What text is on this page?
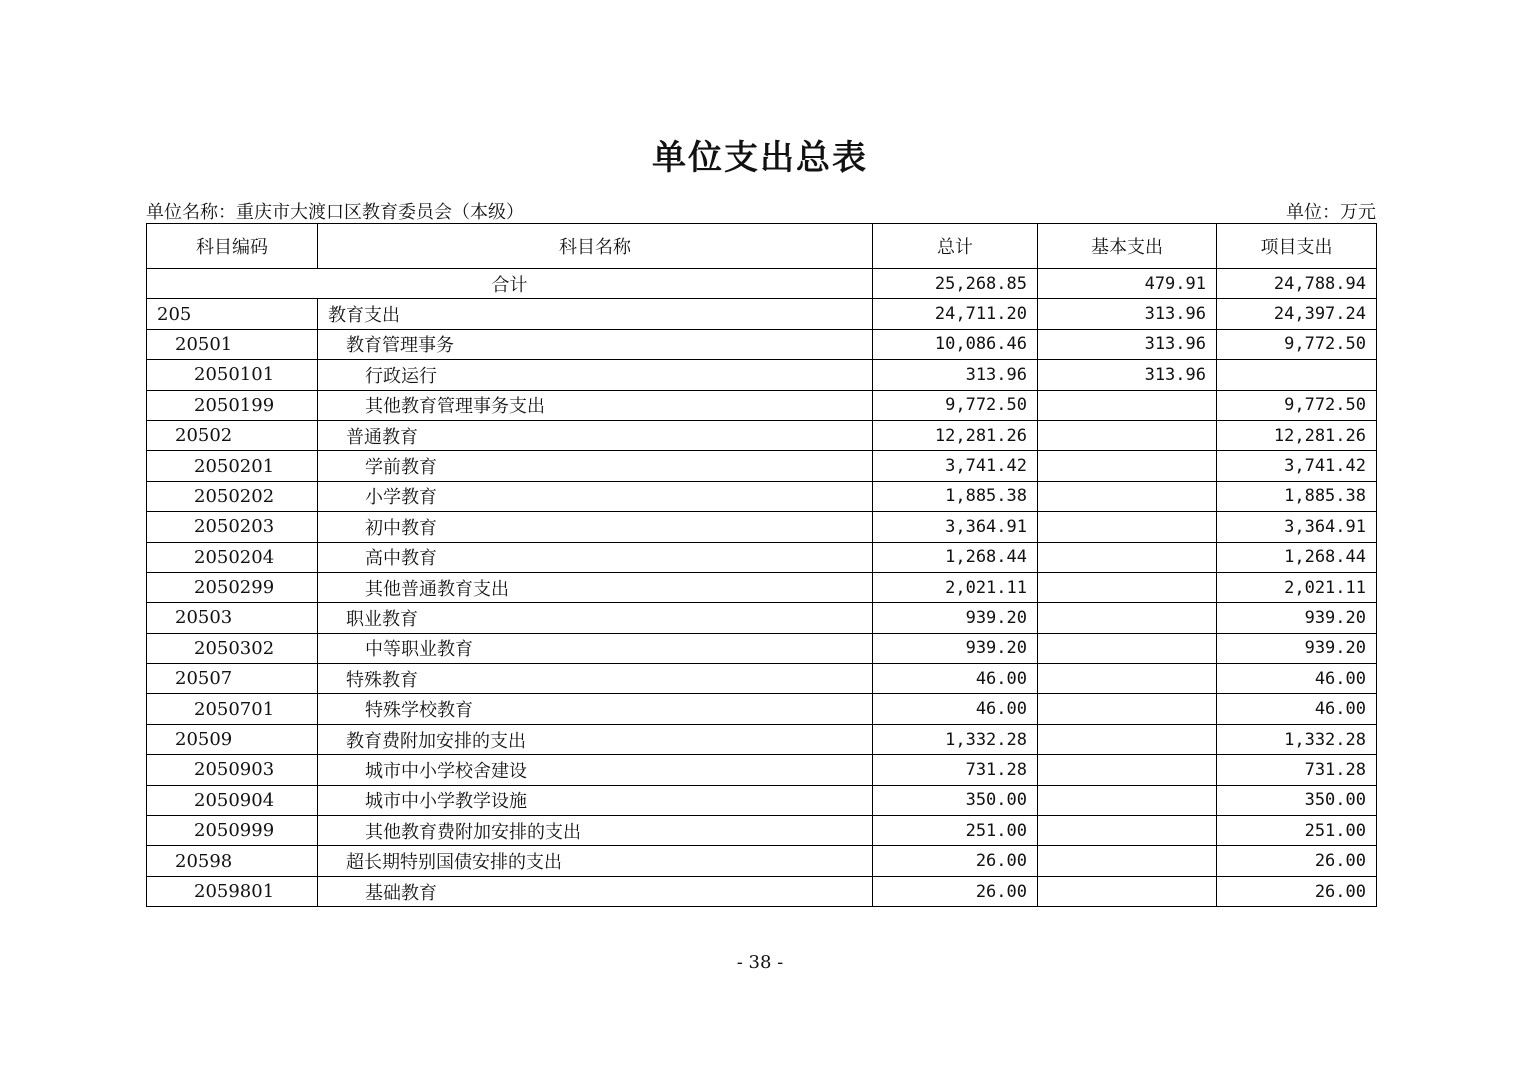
单位支出总表
单位名称：重庆市大渡口区教育委员会（本级）	单位：万元
科目编码	科目名称	总计	基本支出	项目支出
合计		25,268.85	479.91	24,788.94
205	教育支出	24,711.20	313.96	24,397.24
20501	教育管理事务	10,086.46	313.96	9,772.50
2050101	行政运行	313.96	313.96	
2050199	其他教育管理事务支出	9,772.50		9,772.50
20502	普通教育	12,281.26		12,281.26
2050201	学前教育	3,741.42		3,741.42
2050202	小学教育	1,885.38		1,885.38
2050203	初中教育	3,364.91		3,364.91
2050204	高中教育	1,268.44		1,268.44
2050299	其他普通教育支出	2,021.11		2,021.11
20503	职业教育	939.20		939.20
2050302	中等职业教育	939.20		939.20
20507	特殊教育	46.00		46.00
2050701	特殊学校教育	46.00		46.00
20509	教育费附加安排的支出	1,332.28		1,332.28
2050903	城市中小学校舍建设	731.28		731.28
2050904	城市中小学教学设施	350.00		350.00
2050999	其他教育费附加安排的支出	251.00		251.00
20598	超长期特别国债安排的支出	26.00		26.00
2059801	基础教育	26.00		26.00
- 38 -
